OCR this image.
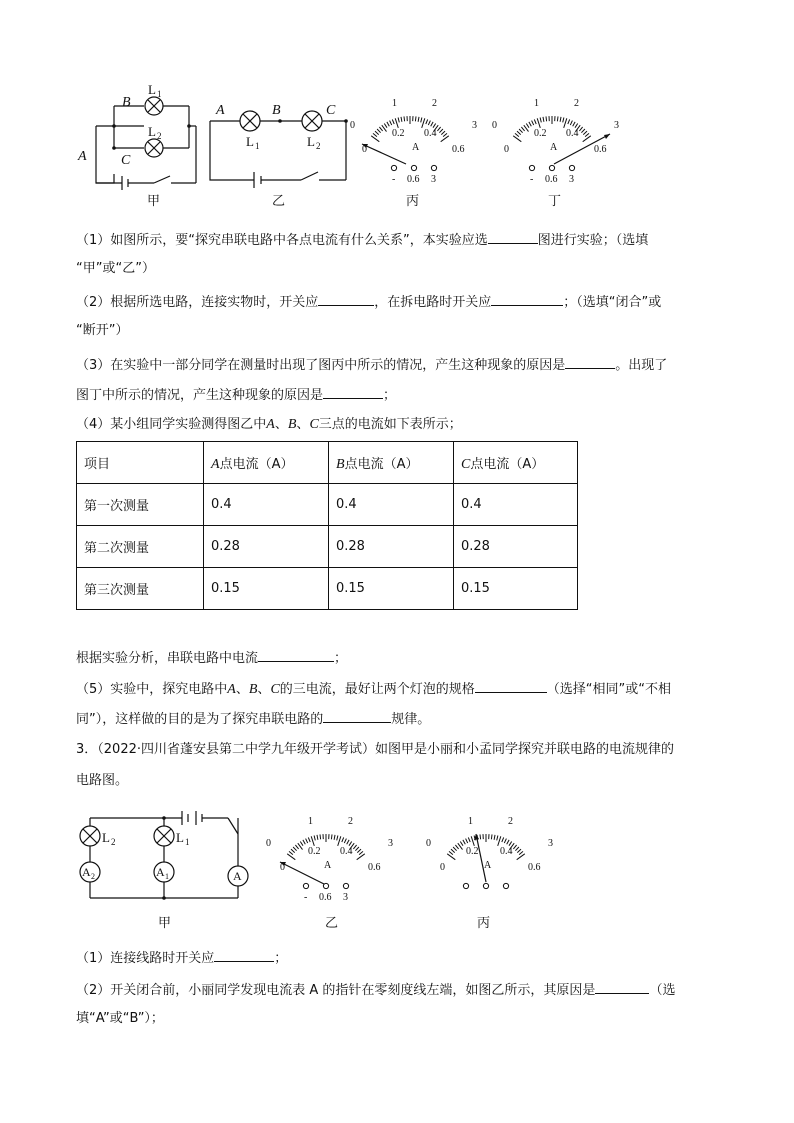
A
B
C
L 1
L 2
甲
A	B	C
L 1	L 2
乙
0
1	2
3
0
0.2 0.4
0.6
A
- 0.6 3
丙
0
1	2
3
0
0.2 0.4
0.6
A
- 0.6 3
丁
（1）如图所示，要“探究串联电路中各点电流有什么关系”，本实验应选	图进行实验；（选填
“甲”或“乙”）
（2）根据所选电路，连接实物时，开关应	，在拆电路时开关应	；（选填“闭合”或
“断开”）
（3）在实验中一部分同学在测量时出现了图丙中所示的情况，产生这种现象的原因是	。出现了
图丁中所示的情况，产生这种现象的原因是	；
（4）某小组同学实验测得图乙中A、B、C三点的电流如下表所示；
项目	A点电流（A）	B点电流（A）	C点电流（A）
第一次测量	0.4	0.4	0.4
第二次测量	0.28	0.28	0.28
第三次测量	0.15	0.15	0.15
根据实验分析，串联电路中电流	；
（5）实验中，探究电路中A、B、C的三电流，最好让两个灯泡的规格	（选择“相同”或“不相
同”），这样做的目的是为了探究串联电路的	规律。
3．（2022·四川省蓬安县第二中学九年级开学考试）如图甲是小丽和小孟同学探究并联电路的电流规律的
电路图。
L 2	L 1
A 2	A 1	A
甲
0
1	2
3
0
0.2 0.4
0.6
A
- 0.6 3
乙
0
1	2
3
0
0.2 0.4
0.6
A
丙
（1）连接线路时开关应	；
（2）开关闭合前，小丽同学发现电流表 A 的指针在零刻度线左端，如图乙所示，其原因是	（选
填“A”或“B”）；
